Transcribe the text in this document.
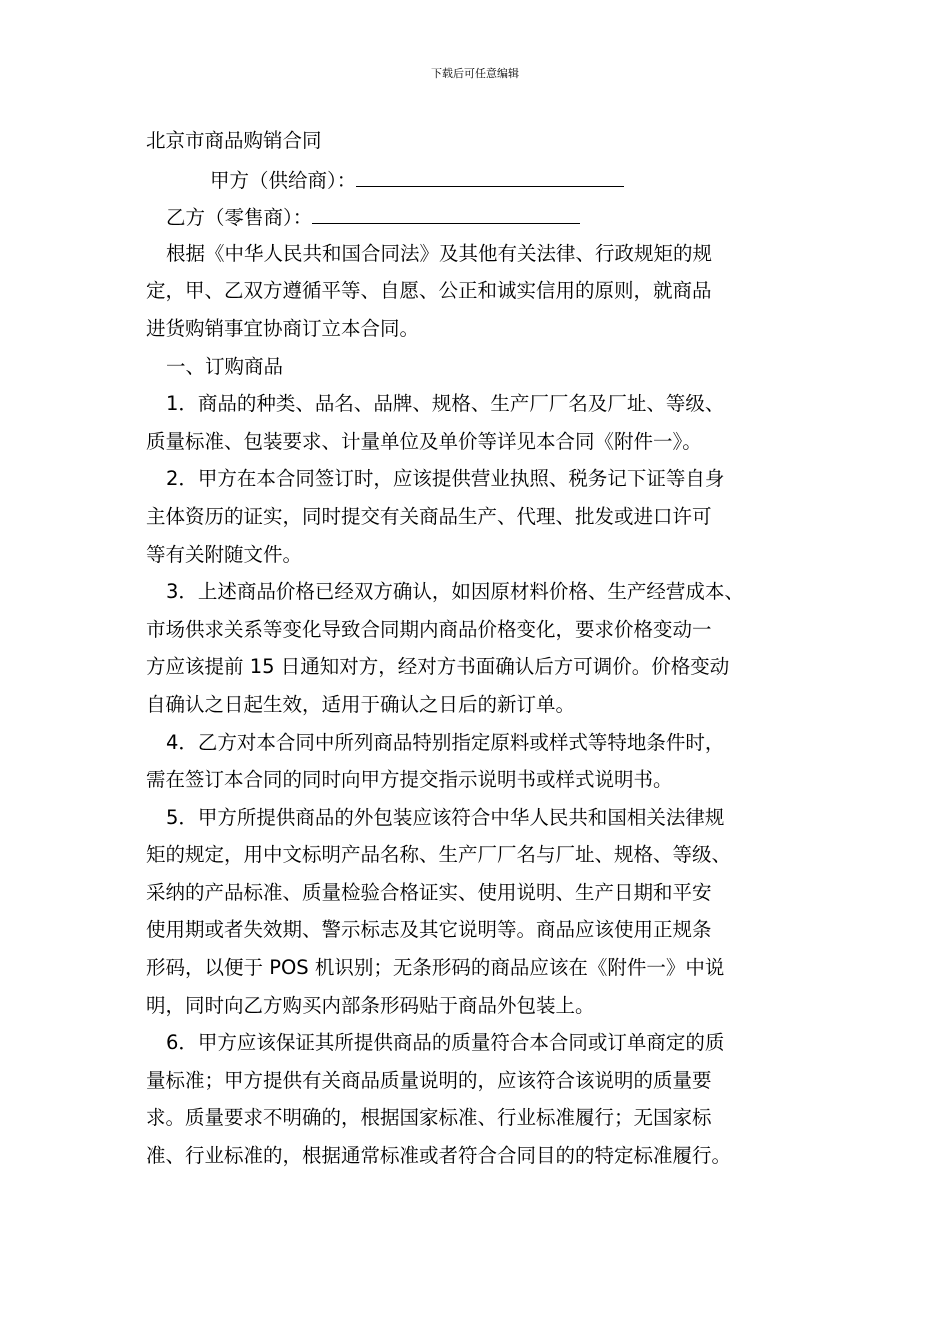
下载后可任意编辑
北京市商品购销合同
甲方（供给商）：
乙方（零售商）：
根据《中华人民共和国合同法》及其他有关法律、行政规矩的规
定，甲、乙双方遵循平等、自愿、公正和诚实信用的原则，就商品
进货购销事宜协商订立本合同。
一、订购商品
1．商品的种类、品名、品牌、规格、生产厂厂名及厂址、等级、
质量标准、包装要求、计量单位及单价等详见本合同《附件一》。
2．甲方在本合同签订时，应该提供营业执照、税务记下证等自身
主体资历的证实，同时提交有关商品生产、代理、批发或进口许可
等有关附随文件。
3．上述商品价格已经双方确认，如因原材料价格、生产经营成本、
市场供求关系等变化导致合同期内商品价格变化，要求价格变动一
方应该提前 15 日通知对方，经对方书面确认后方可调价。价格变动
自确认之日起生效，适用于确认之日后的新订单。
4．乙方对本合同中所列商品特别指定原料或样式等特地条件时，
需在签订本合同的同时向甲方提交指示说明书或样式说明书。
5．甲方所提供商品的外包装应该符合中华人民共和国相关法律规
矩的规定，用中文标明产品名称、生产厂厂名与厂址、规格、等级、
采纳的产品标准、质量检验合格证实、使用说明、生产日期和平安
使用期或者失效期、警示标志及其它说明等。商品应该使用正规条
形码，以便于 POS 机识别；无条形码的商品应该在《附件一》中说
明，同时向乙方购买内部条形码贴于商品外包装上。
6．甲方应该保证其所提供商品的质量符合本合同或订单商定的质
量标准；甲方提供有关商品质量说明的，应该符合该说明的质量要
求。质量要求不明确的，根据国家标准、行业标准履行；无国家标
准、行业标准的，根据通常标准或者符合合同目的的特定标准履行。
